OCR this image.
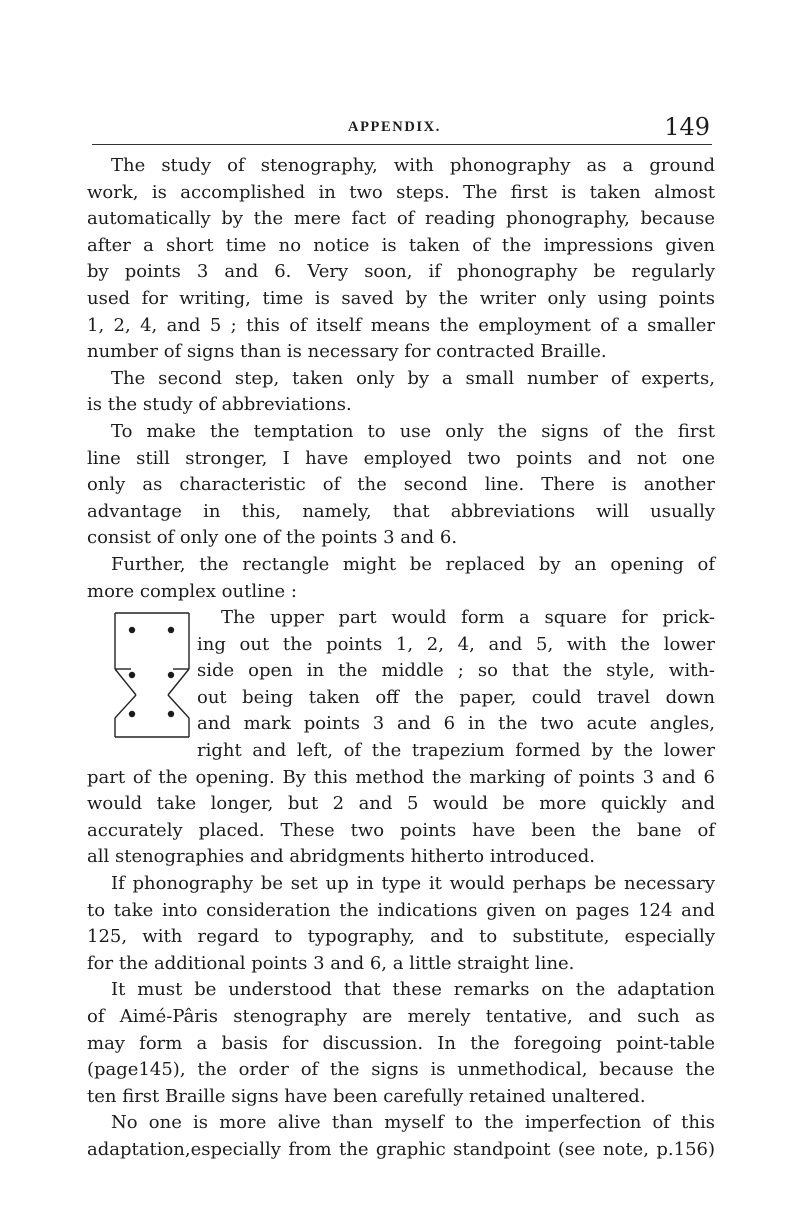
APPENDIX.	149
The study of stenography, with phonography as a ground
work, is accomplished in two steps. The first is taken almost
automatically by the mere fact of reading phonography, because
after a short time no notice is taken of the impressions given
by points 3 and 6. Very soon, if phonography be regularly
used for writing, time is saved by the writer only using points
1, 2, 4, and 5 ; this of itself means the employment of a smaller
number of signs than is necessary for contracted Braille.
The second step, taken only by a small number of experts,
is the study of abbreviations.
To make the temptation to use only the signs of the first
line still stronger, I have employed two points and not one
only as characteristic of the second line. There is another
advantage in this, namely, that abbreviations will usually
consist of only one of the points 3 and 6.
Further, the rectangle might be replaced by an opening of
more complex outline :
The upper part would form a square for prick-
ing out the points 1, 2, 4, and 5, with the lower
side open in the middle ; so that the style, with-
out being taken off the paper, could travel down
and mark points 3 and 6 in the two acute angles,
right and left, of the trapezium formed by the lower
part of the opening. By this method the marking of points 3 and 6
would take longer, but 2 and 5 would be more quickly and
accurately placed. These two points have been the bane of
all stenographies and abridgments hitherto introduced.
If phonography be set up in type it would perhaps be necessary
to take into consideration the indications given on pages 124 and
125, with regard to typography, and to substitute, especially
for the additional points 3 and 6, a little straight line.
It must be understood that these remarks on the adaptation
of Aimé-Pâris stenography are merely tentative, and such as
may form a basis for discussion. In the foregoing point-table
(page145), the order of the signs is unmethodical, because the
ten first Braille signs have been carefully retained unaltered.
No one is more alive than myself to the imperfection of this
adaptation,especially from the graphic standpoint (see note, p.156)
